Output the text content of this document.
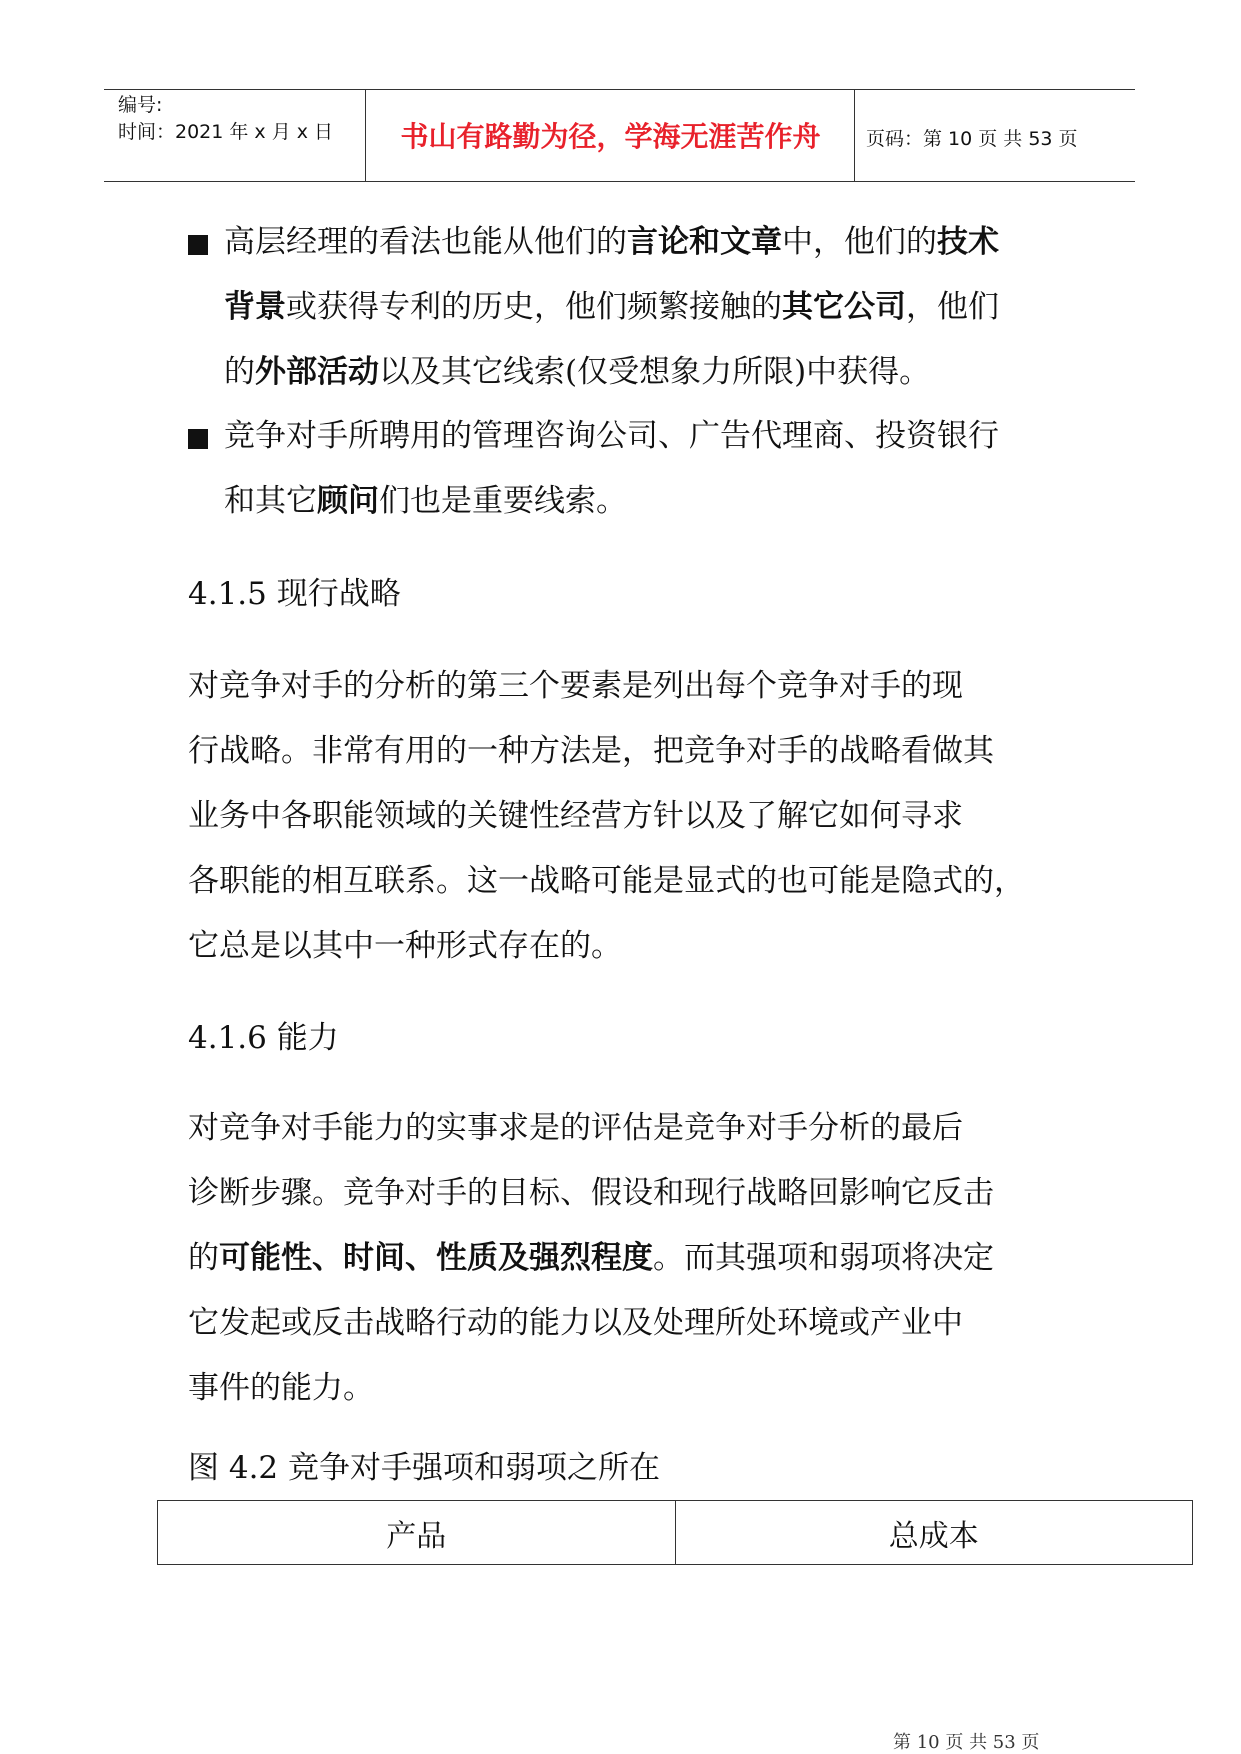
编号:
时间：2021 年 x 月 x 日	书山有路勤为径，学海无涯苦作舟	页码：第 10 页 共 53 页
高层经理的看法也能从他们的言论和文章中，他们的技术
背景或获得专利的历史，他们频繁接触的其它公司，他们
的外部活动以及其它线索(仅受想象力所限)中获得。
竞争对手所聘用的管理咨询公司、广告代理商、投资银行
和其它顾问们也是重要线索。
4.1.5 现行战略
对竞争对手的分析的第三个要素是列出每个竞争对手的现
行战略。非常有用的一种方法是，把竞争对手的战略看做其
业务中各职能领域的关键性经营方针以及了解它如何寻求
各职能的相互联系。这一战略可能是显式的也可能是隐式的，
它总是以其中一种形式存在的。
4.1.6 能力
对竞争对手能力的实事求是的评估是竞争对手分析的最后
诊断步骤。竞争对手的目标、假设和现行战略回影响它反击
的可能性、时间、性质及强烈程度。而其强项和弱项将决定
它发起或反击战略行动的能力以及处理所处环境或产业中
事件的能力。
图 4.2 竞争对手强项和弱项之所在
产品	总成本
第 10 页 共 53 页
